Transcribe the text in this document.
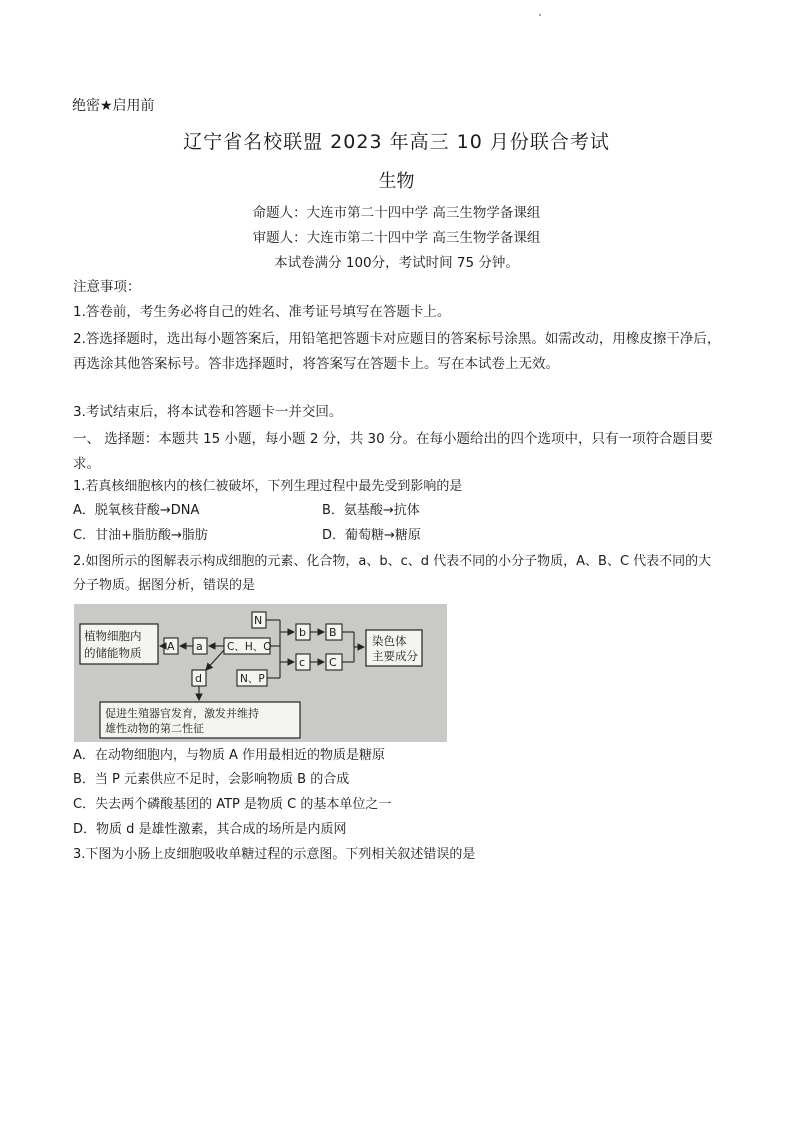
绝密★启用前
辽宁省名校联盟 2023 年高三 10 月份联合考试
生物
命题人：大连市第二十四中学 高三生物学备课组
审题人：大连市第二十四中学 高三生物学备课组
本试卷满分 100分，考试时间 75 分钟。
注意事项：
1.答卷前，考生务必将自己的姓名、准考证号填写在答题卡上。
2.答选择题时，选出每小题答案后，用铅笔把答题卡对应题目的答案标号涂黑。如需改动，用橡皮擦干净后，再选涂其他答案标号。答非选择题时，将答案写在答题卡上。写在本试卷上无效。
3.考试结束后，将本试卷和答题卡一并交回。
一、 选择题：本题共 15 小题，每小题 2 分，共 30 分。在每小题给出的四个选项中，只有一项符合题目要求。
1.若真核细胞核内的核仁被破坏，下列生理过程中最先受到影响的是
A．脱氧核苷酸→DNA	B．氨基酸→抗体
C．甘油+脂肪酸→脂肪	D．葡萄糖→糖原
2.如图所示的图解表示构成细胞的元素、化合物，a、b、c、d 代表不同的小分子物质，A、B、C 代表不同的大分子物质。据图分析，错误的是
植物细胞内
的储能物质 A a C、H、O
N
N、P
b B
c C
染色体
主要成分
d
促进生殖器官发育，激发并维持
雄性动物的第二性征
A．在动物细胞内，与物质 A 作用最相近的物质是糖原
B．当 P 元素供应不足时，会影响物质 B 的合成
C．失去两个磷酸基团的 ATP 是物质 C 的基本单位之一
D．物质 d 是雄性激素，其合成的场所是内质网
3.下图为小肠上皮细胞吸收单糖过程的示意图。下列相关叙述错误的是
